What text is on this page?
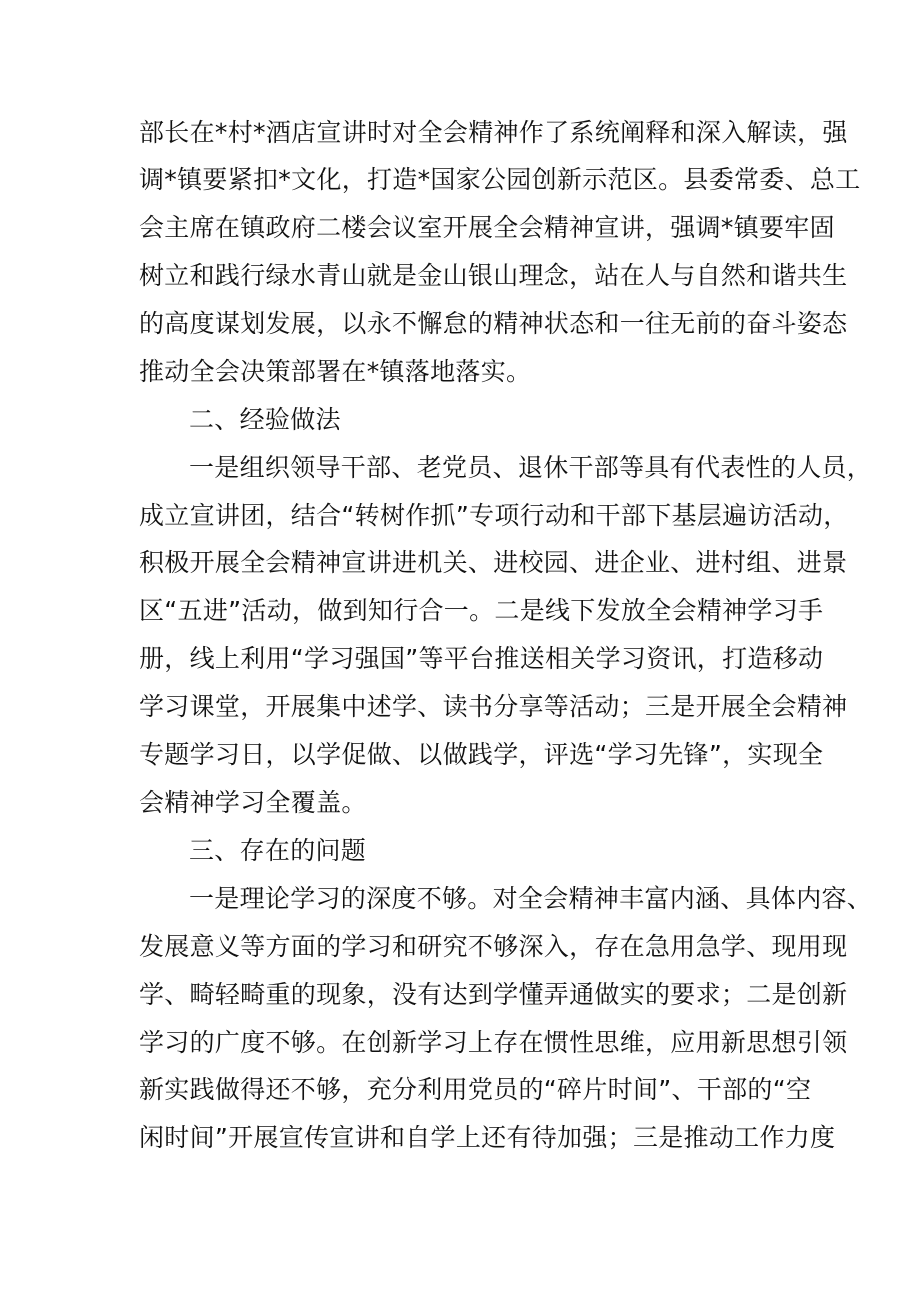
部长在*村*酒店宣讲时对全会精神作了系统阐释和深入解读，强
调*镇要紧扣*文化，打造*国家公园创新示范区。县委常委、总工
会主席在镇政府二楼会议室开展全会精神宣讲，强调*镇要牢固
树立和践行绿水青山就是金山银山理念，站在人与自然和谐共生
的高度谋划发展，以永不懈怠的精神状态和一往无前的奋斗姿态
推动全会决策部署在*镇落地落实。
二、经验做法
一是组织领导干部、老党员、退休干部等具有代表性的人员，
成立宣讲团，结合“转树作抓”专项行动和干部下基层遍访活动，
积极开展全会精神宣讲进机关、进校园、进企业、进村组、进景
区“五进”活动，做到知行合一。二是线下发放全会精神学习手
册，线上利用“学习强国”等平台推送相关学习资讯，打造移动
学习课堂，开展集中述学、读书分享等活动；三是开展全会精神
专题学习日，以学促做、以做践学，评选“学习先锋”，实现全
会精神学习全覆盖。
三、存在的问题
一是理论学习的深度不够。对全会精神丰富内涵、具体内容、
发展意义等方面的学习和研究不够深入，存在急用急学、现用现
学、畸轻畸重的现象，没有达到学懂弄通做实的要求；二是创新
学习的广度不够。在创新学习上存在惯性思维，应用新思想引领
新实践做得还不够，充分利用党员的“碎片时间”、干部的“空
闲时间”开展宣传宣讲和自学上还有待加强；三是推动工作力度
